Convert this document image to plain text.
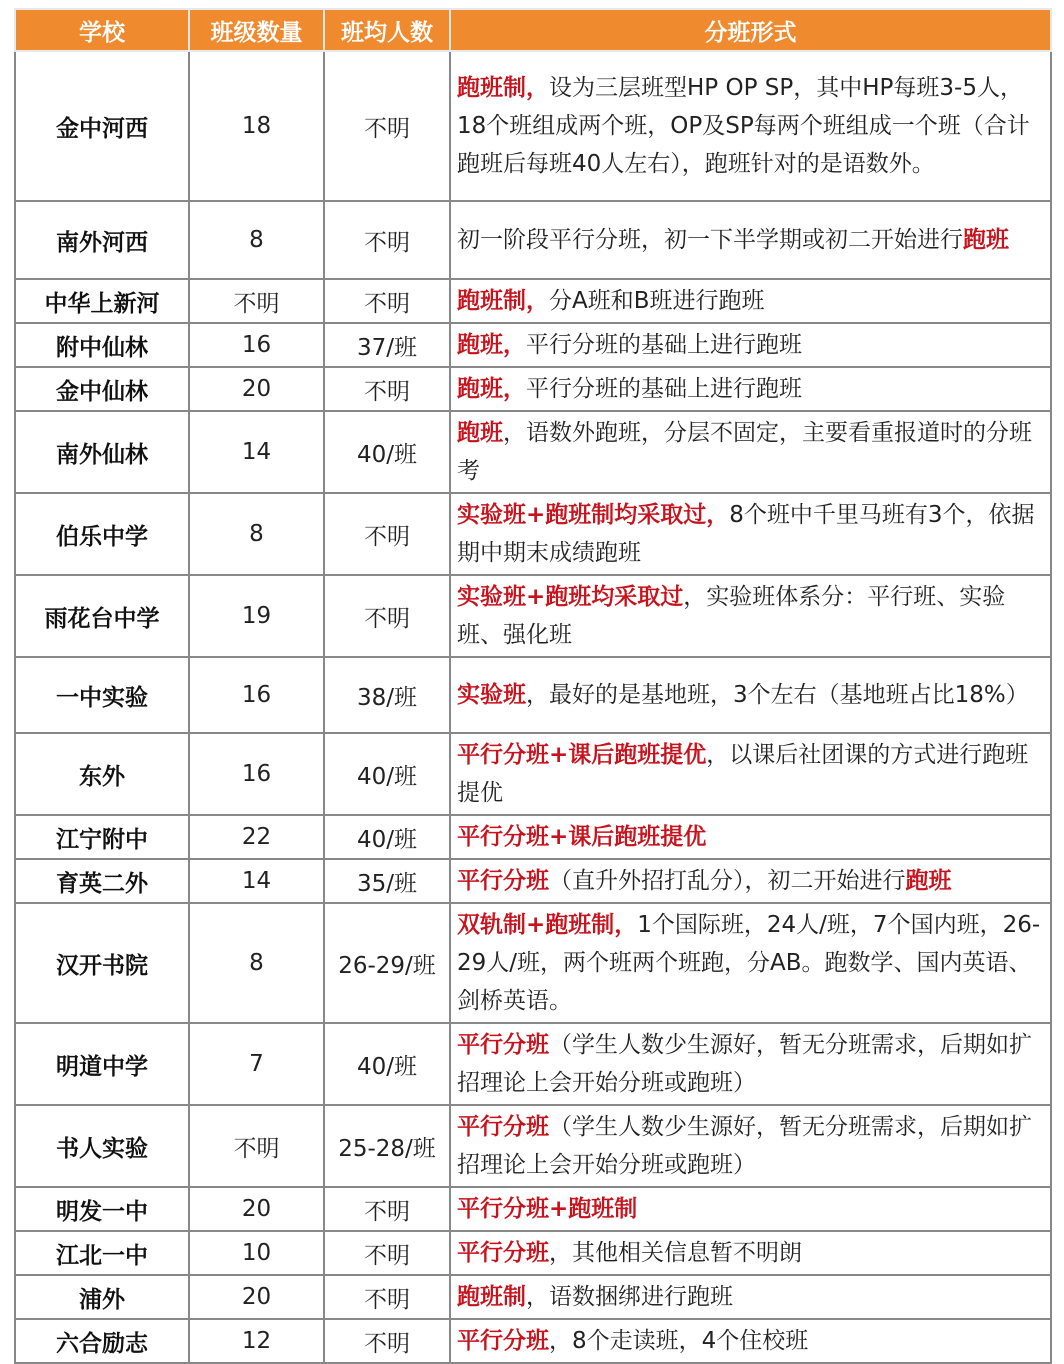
学校	班级数量	班均人数	分班形式
金中河西	18	不明	跑班制，设为三层班型HP OP SP，其中HP每班3-5人，18个班组成两个班，OP及SP每两个班组成一个班（合计跑班后每班40人左右），跑班针对的是语数外。
南外河西	8	不明	初一阶段平行分班，初一下半学期或初二开始进行跑班
中华上新河	不明	不明	跑班制，分A班和B班进行跑班
附中仙林	16	37/班	跑班，平行分班的基础上进行跑班
金中仙林	20	不明	跑班，平行分班的基础上进行跑班
南外仙林	14	40/班	跑班，语数外跑班，分层不固定，主要看重报道时的分班考
伯乐中学	8	不明	实验班+跑班制均采取过，8个班中千里马班有3个，依据期中期末成绩跑班
雨花台中学	19	不明	实验班+跑班均采取过，实验班体系分：平行班、实验班、强化班
一中实验	16	38/班	实验班，最好的是基地班，3个左右（基地班占比18%）
东外	16	40/班	平行分班+课后跑班提优，以课后社团课的方式进行跑班提优
江宁附中	22	40/班	平行分班+课后跑班提优
育英二外	14	35/班	平行分班（直升外招打乱分），初二开始进行跑班
汉开书院	8	26-29/班	双轨制+跑班制，1个国际班，24人/班，7个国内班，26-29人/班，两个班两个班跑，分AB。跑数学、国内英语、剑桥英语。
明道中学	7	40/班	平行分班（学生人数少生源好，暂无分班需求，后期如扩招理论上会开始分班或跑班）
书人实验	不明	25-28/班	平行分班（学生人数少生源好，暂无分班需求，后期如扩招理论上会开始分班或跑班）
明发一中	20	不明	平行分班+跑班制
江北一中	10	不明	平行分班，其他相关信息暂不明朗
浦外	20	不明	跑班制，语数捆绑进行跑班
六合励志	12	不明	平行分班，8个走读班，4个住校班
